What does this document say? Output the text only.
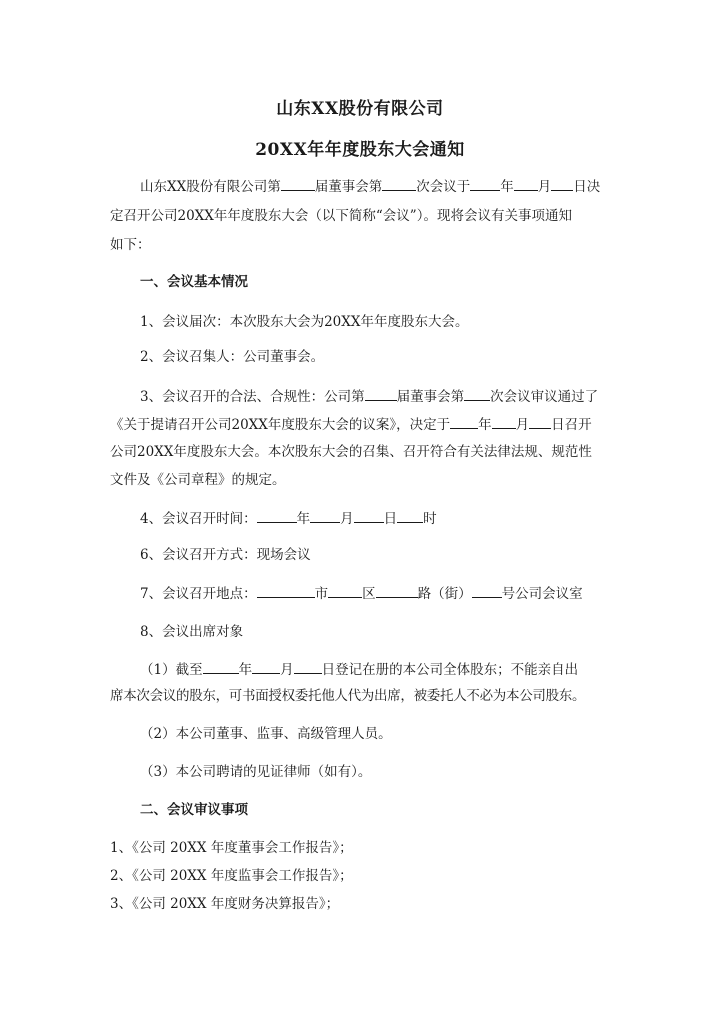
山东XX股份有限公司
20XX年年度股东大会通知
山东XX股份有限公司第	届董事会第	次会议于 年 月 日决
定召开公司20XX年年度股东大会（以下简称“会议”）。现将会议有关事项通知
如下：
一、会议基本情况
1、会议届次：本次股东大会为20XX年年度股东大会。
2、会议召集人：公司董事会。
3、会议召开的合法、合规性：公司第 届董事会第 次会议审议通过了
《关于提请召开公司20XX年度股东大会的议案》，决定于 年 月 日召开
公司20XX年度股东大会。本次股东大会的召集、召开符合有关法律法规、规范性
文件及《公司章程》的规定。
4、会议召开时间：	年 月 日 时
6、会议召开方式：现场会议
7、会议召开地点：	市	区	路（街） 号公司会议室
8、会议出席对象
（1）截至	年 月 日登记在册的本公司全体股东；不能亲自出
席本次会议的股东，可书面授权委托他人代为出席，被委托人不必为本公司股东。
（2）本公司董事、监事、高级管理人员。
（3）本公司聘请的见证律师（如有）。
二、会议审议事项
1、《公司 20XX 年度董事会工作报告》；
2、《公司 20XX 年度监事会工作报告》；
3、《公司 20XX 年度财务决算报告》；
